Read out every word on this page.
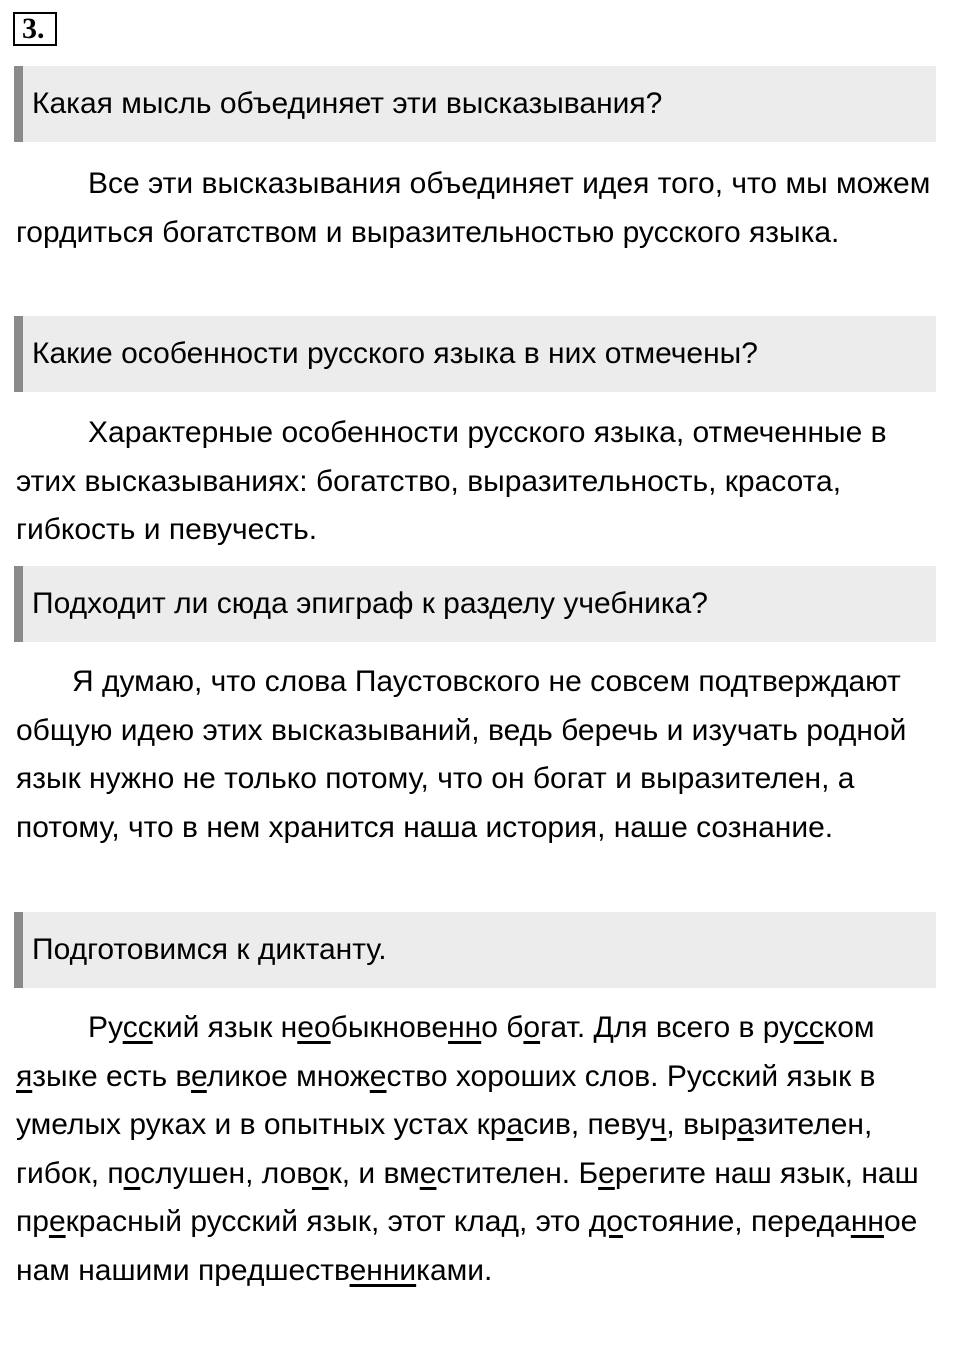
3.
Какая мысль объединяет эти высказывания?

Все эти высказывания объединяет идея того, что мы можем гордиться богатством и выразительностью русского языка.

Какие особенности русского языка в них отмечены?

Характерные особенности русского языка, отмеченные в этих высказываниях: богатство, выразительность, красота, гибкость и певучесть.

Подходит ли сюда эпиграф к разделу учебника?

Я думаю, что слова Паустовского не совсем подтверждают общую идею этих высказываний, ведь беречь и изучать родной язык нужно не только потому, что он богат и выразителен, а потому, что в нем хранится наша история, наше сознание.

Подготовимся к диктанту.

Русский язык необыкновенно богат. Для всего в русском языке есть великое множество хороших слов. Русский язык в умелых руках и в опытных устах красив, певуч, выразителен, гибок, послушен, ловок, и вместителен. Берегите наш язык, наш прекрасный русский язык, этот клад, это достояние, переданное нам нашими предшественниками.
